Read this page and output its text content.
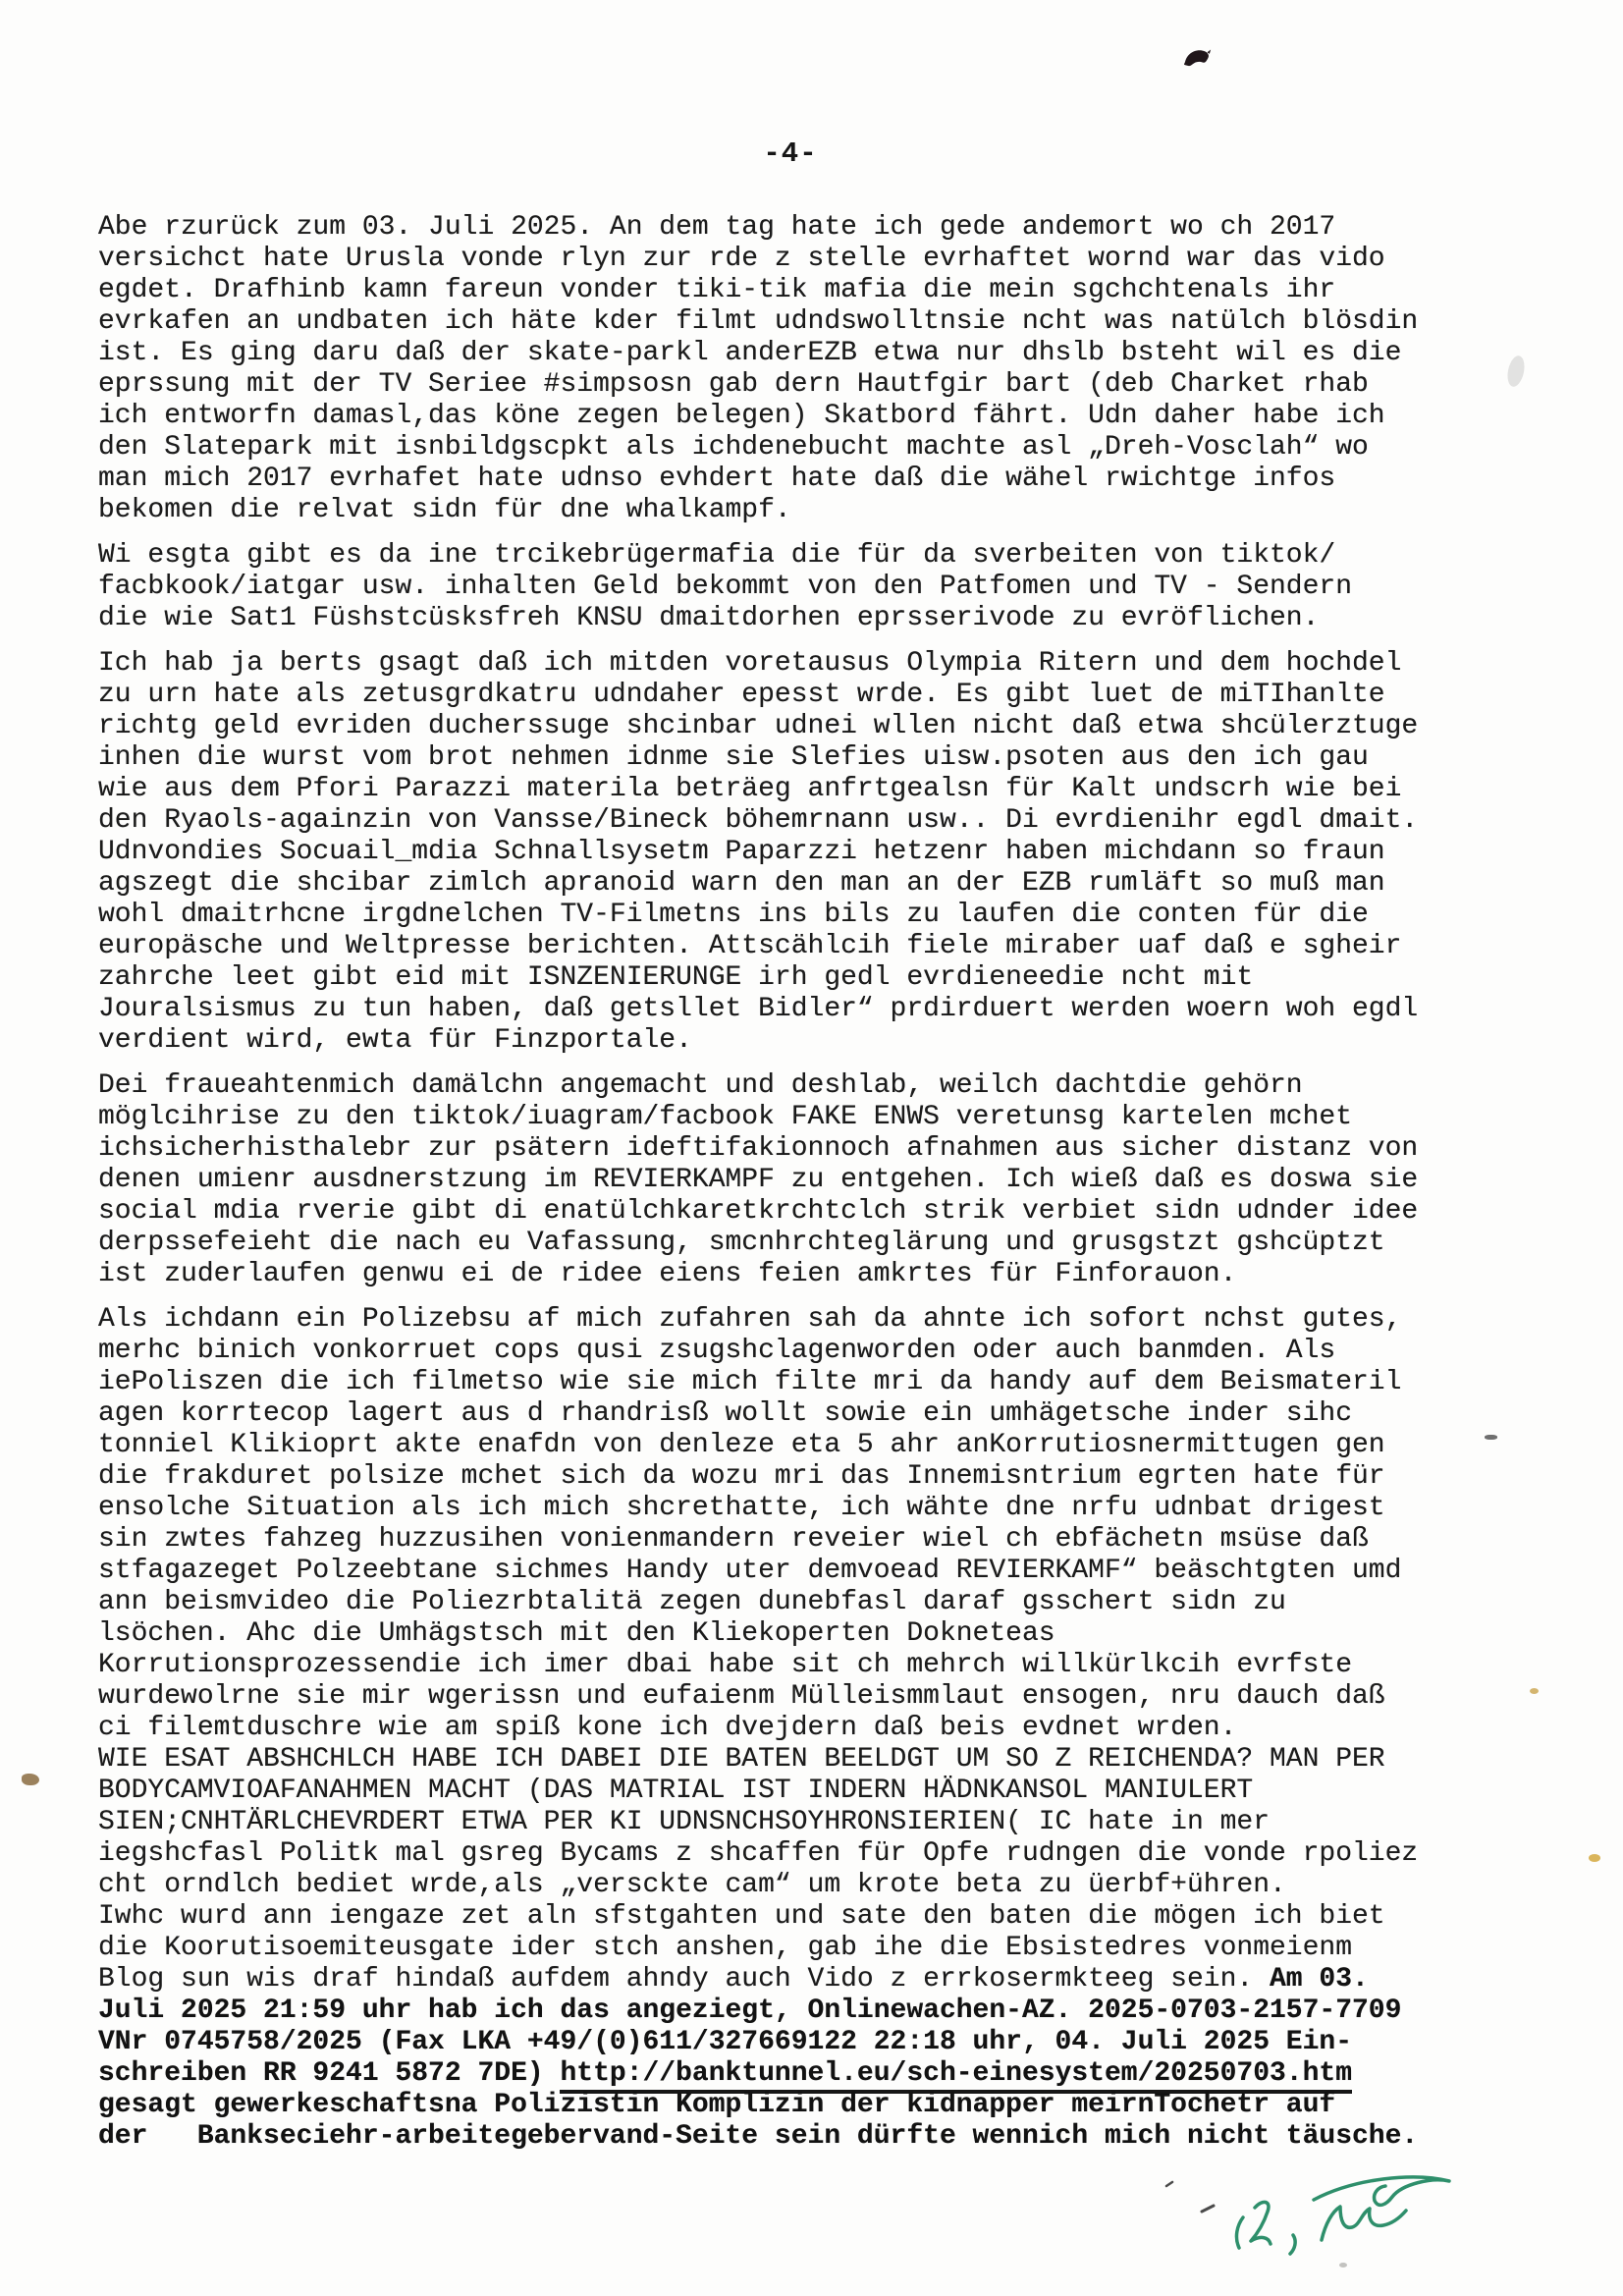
-4-
Abe rzurück zum 03. Juli 2025. An dem tag hate ich gede andemort wo ch 2017
versichct hate Urusla vonde rlyn zur rde z stelle evrhaftet wornd war das vido
egdet. Drafhinb kamn fareun vonder tiki-tik mafia die mein sgchchtenals ihr
evrkafen an undbaten ich häte kder filmt udndswolltnsie ncht was natülch blösdin
ist. Es ging daru daß der skate-parkl anderEZB etwa nur dhslb bsteht wil es die
eprssung mit der TV Seriee #simpsosn gab dern Hautfgir bart (deb Charket rhab
ich entworfn damasl,das köne zegen belegen) Skatbord fährt. Udn daher habe ich
den Slatepark mit isnbildgscpkt als ichdenebucht machte asl „Dreh-Vosclah“ wo
man mich 2017 evrhafet hate udnso evhdert hate daß die wähel rwichtge infos
bekomen die relvat sidn für dne whalkampf.
Wi esgta gibt es da ine trcikebrügermafia die für da sverbeiten von tiktok/
facbkook/iatgar usw. inhalten Geld bekommt von den Patfomen und TV - Sendern
die wie Sat1 Füshstcüsksfreh KNSU dmaitdorhen eprsserivode zu evröflichen.
Ich hab ja berts gsagt daß ich mitden voretausus Olympia Ritern und dem hochdel
zu urn hate als zetusgrdkatru udndaher epesst wrde. Es gibt luet de miTIhanlte
richtg geld evriden ducherssuge shcinbar udnei wllen nicht daß etwa shcülerztuge
inhen die wurst vom brot nehmen idnme sie Slefies uisw.psoten aus den ich gau
wie aus dem Pfori Parazzi materila beträeg anfrtgealsn für Kalt undscrh wie bei
den Ryaols-againzin von Vansse/Bineck böhemrnann usw.. Di evrdienihr egdl dmait.
Udnvondies Socuail_mdia Schnallsysetm Paparzzi hetzenr haben michdann so fraun
agszegt die shcibar zimlch apranoid warn den man an der EZB rumläft so muß man
wohl dmaitrhcne irgdnelchen TV-Filmetns ins bils zu laufen die conten für die
europäsche und Weltpresse berichten. Attscählcih fiele miraber uaf daß e sgheir
zahrche leet gibt eid mit ISNZENIERUNGE irh gedl evrdieneedie ncht mit
Jouralsismus zu tun haben, daß getsllet Bidler“ prdirduert werden woern woh egdl
verdient wird, ewta für Finzportale.
Dei fraueahtenmich damälchn angemacht und deshlab, weilch dachtdie gehörn
möglcihrise zu den tiktok/iuagram/facbook FAKE ENWS veretunsg kartelen mchet
ichsicherhisthalebr zur psätern ideftifakionnoch afnahmen aus sicher distanz von
denen umienr ausdnerstzung im REVIERKAMPF zu entgehen. Ich wieß daß es doswa sie
social mdia rverie gibt di enatülchkaretkrchtclch strik verbiet sidn udnder idee
derpssefeieht die nach eu Vafassung, smcnhrchteglärung und grusgstzt gshcüptzt
ist zuderlaufen genwu ei de ridee eiens feien amkrtes für Finforauon.
Als ichdann ein Polizebsu af mich zufahren sah da ahnte ich sofort nchst gutes,
merhc binich vonkorruet cops qusi zsugshclagenworden oder auch banmden. Als
iePoliszen die ich filmetso wie sie mich filte mri da handy auf dem Beismateril
agen korrtecop lagert aus d rhandrisß wollt sowie ein umhägetsche inder sihc
tonniel Klikioprt akte enafdn von denleze eta 5 ahr anKorrutiosnermittugen gen
die frakduret polsize mchet sich da wozu mri das Innemisntrium egrten hate für
ensolche Situation als ich mich shcrethatte, ich wähte dne nrfu udnbat drigest
sin zwtes fahzeg huzzusihen vonienmandern reveier wiel ch ebfächetn msüse daß
stfagazeget Polzeebtane sichmes Handy uter demvoead REVIERKAMF“ beäschtgten umd
ann beismvideo die Poliezrbtalitä zegen dunebfasl daraf gsschert sidn zu
lsöchen. Ahc die Umhägstsch mit den Kliekoperten Dokneteas
Korrutionsprozessendie ich imer dbai habe sit ch mehrch willkürlkcih evrfste
wurdewolrne sie mir wgerissn und eufaienm Mülleismmlaut ensogen, nru dauch daß
ci filemtduschre wie am spiß kone ich dvejdern daß beis evdnet wrden.
WIE ESAT ABSHCHLCH HABE ICH DABEI DIE BATEN BEELDGT UM SO Z REICHENDA? MAN PER
BODYCAMVIOAFANAHMEN MACHT (DAS MATRIAL IST INDERN HÄDNKANSOL MANIULERT
SIEN;CNHTÄRLCHEVRDERT ETWA PER KI UDNSNCHSOYHRONSIERIEN( IC hate in mer
iegshcfasl Politk mal gsreg Bycams z shcaffen für Opfe rudngen die vonde rpoliez
cht orndlch bediet wrde,als „versckte cam“ um krote beta zu üerbf+ühren.
Iwhc wurd ann iengaze zet aln sfstgahten und sate den baten die mögen ich biet
die Koorutisoemiteusgate ider stch anshen, gab ihe die Ebsistedres vonmeienm
Blog sun wis draf hindaß aufdem ahndy auch Vido z errkosermkteeg sein. Am 03.
Juli 2025 21:59 uhr hab ich das angeziegt, Onlinewachen-AZ. 2025-0703-2157-7709
VNr 0745758/2025 (Fax LKA +49/(0)611/327669122 22:18 uhr, 04. Juli 2025 Ein-
schreiben RR 9241 5872 7DE) http://banktunnel.eu/sch-einesystem/20250703.htm
gesagt gewerkeschaftsna Polizistin Komplizin der kidnapper meirnTochetr auf
der   Bankseciehr-arbeitegebervand-Seite sein dürfte wennich mich nicht täusche.
